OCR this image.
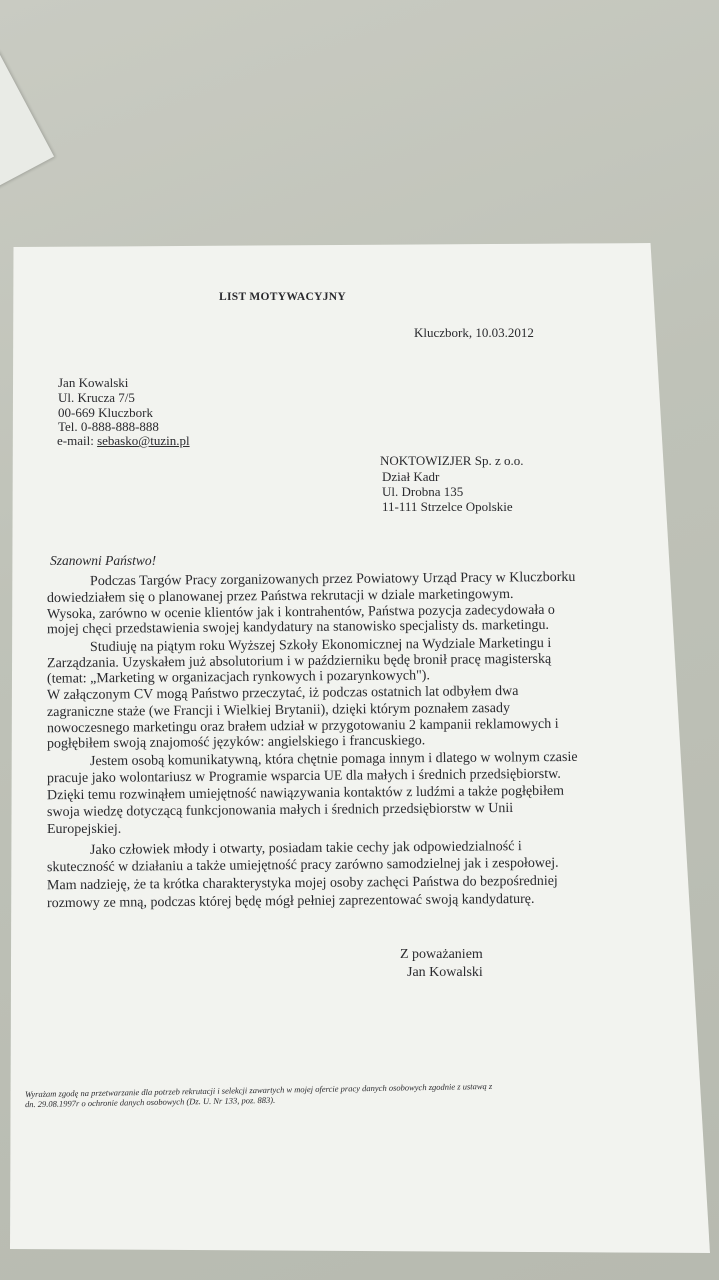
LIST MOTYWACYJNY
Kluczbork, 10.03.2012
Jan Kowalski
Ul. Krucza 7/5
00-669 Kluczbork
Tel. 0-888-888-888
e-mail: sebasko@tuzin.pl
NOKTOWIZJER Sp. z o.o.
Dział Kadr
Ul. Drobna 135
11-111 Strzelce Opolskie
Szanowni Państwo!
Podczas Targów Pracy zorganizowanych przez Powiatowy Urząd Pracy w Kluczborku
dowiedziałem się o planowanej przez Państwa rekrutacji w dziale marketingowym.
Wysoka, zarówno w ocenie klientów jak i kontrahentów, Państwa pozycja zadecydowała o
mojej chęci przedstawienia swojej kandydatury na stanowisko specjalisty ds. marketingu.
Studiuję na piątym roku Wyższej Szkoły Ekonomicznej na Wydziale Marketingu i
Zarządzania. Uzyskałem już absolutorium i w październiku będę bronił pracę magisterską
(temat: „Marketing w organizacjach rynkowych i pozarynkowych").
W załączonym CV mogą Państwo przeczytać, iż podczas ostatnich lat odbyłem dwa
zagraniczne staże (we Francji i Wielkiej Brytanii), dzięki którym poznałem zasady
nowoczesnego marketingu oraz brałem udział w przygotowaniu 2 kampanii reklamowych i
pogłębiłem swoją znajomość języków: angielskiego i francuskiego.
Jestem osobą komunikatywną, która chętnie pomaga innym i dlatego w wolnym czasie
pracuje jako wolontariusz w Programie wsparcia UE dla małych i średnich przedsiębiorstw.
Dzięki temu rozwinąłem umiejętność nawiązywania kontaktów z ludźmi a także pogłębiłem
swoja wiedzę dotyczącą funkcjonowania małych i średnich przedsiębiorstw w Unii
Europejskiej.
Jako człowiek młody i otwarty, posiadam takie cechy jak odpowiedzialność i
skuteczność w działaniu a także umiejętność pracy zarówno samodzielnej jak i zespołowej.
Mam nadzieję, że ta krótka charakterystyka mojej osoby zachęci Państwa do bezpośredniej
rozmowy ze mną, podczas której będę mógł pełniej zaprezentować swoją kandydaturę.
Z poważaniem
Jan Kowalski
Wyrażam zgodę na przetwarzanie dla potrzeb rekrutacji i selekcji zawartych w mojej ofercie pracy danych osobowych zgodnie z ustawą z
dn. 29.08.1997r o ochronie danych osobowych (Dz. U. Nr 133, poz. 883).
